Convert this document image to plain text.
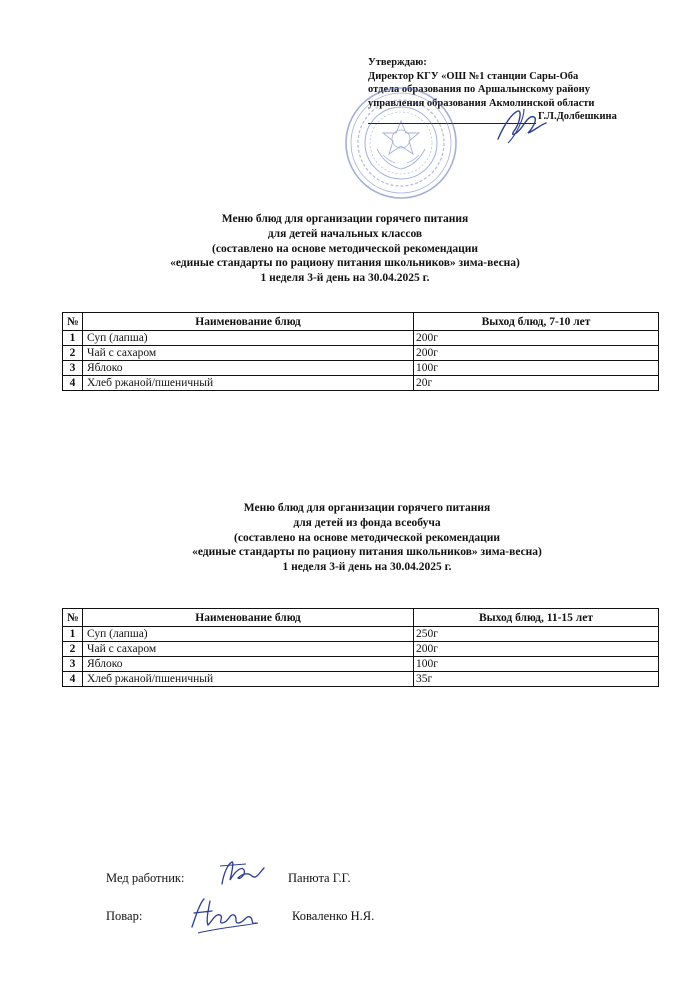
Утверждаю:
Директор КГУ «ОШ №1 станции Сары-Оба
отдела образования по Аршалынскому району
управления образования Акмолинской области
Г.Л.Долбешкина
Меню блюд для организации горячего питания
для детей начальных классов
(составлено на основе методической рекомендации
«единые стандарты по рациону питания школьников» зима-весна)
1 неделя 3-й день на 30.04.2025 г.
№	Наименование блюд	Выход блюд, 7-10 лет
1	Суп (лапша)	200г
2	Чай с сахаром	200г
3	Яблоко	100г
4	Хлеб ржаной/пшеничный	20г
Меню блюд для организации горячего питания
для детей из фонда всеобуча
(составлено на основе методической рекомендации
«единые стандарты по рациону питания школьников» зима-весна)
1 неделя 3-й день на 30.04.2025 г.
№	Наименование блюд	Выход блюд, 11-15 лет
1	Суп (лапша)	250г
2	Чай с сахаром	200г
3	Яблоко	100г
4	Хлеб ржаной/пшеничный	35г
Мед работник:	Панюта Г.Г.
Повар:	Коваленко Н.Я.
